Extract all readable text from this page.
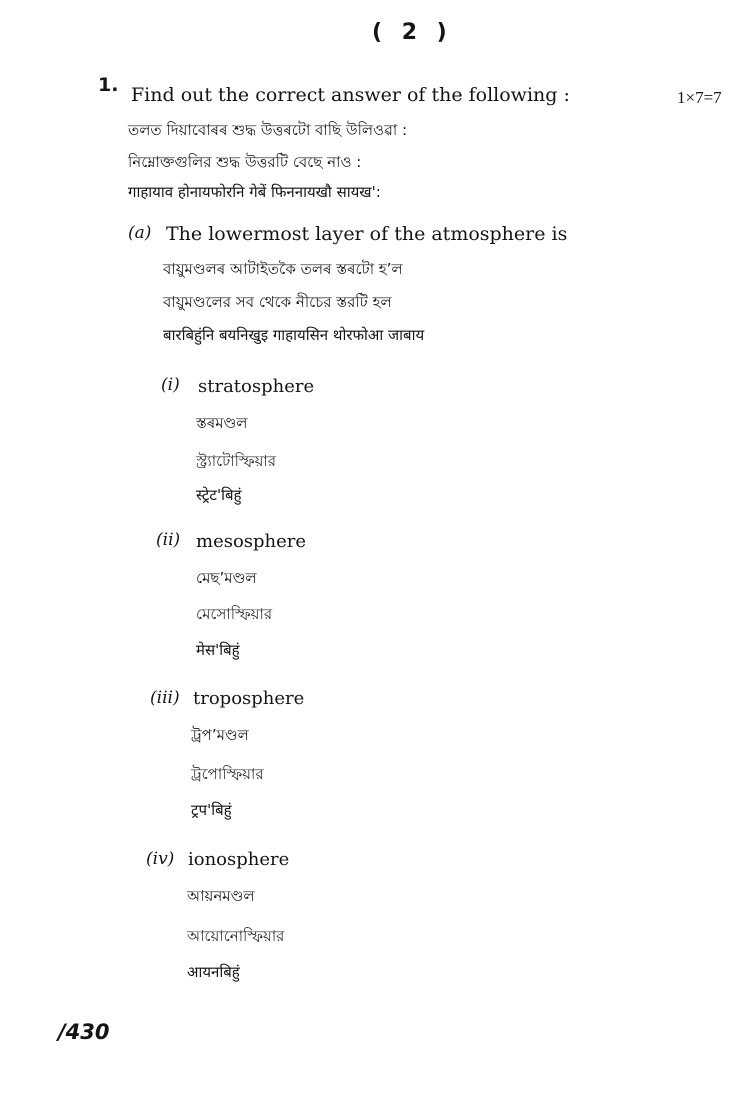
( 2 )
1. Find out the correct answer of the following :	1×7=7
তলত দিয়াবোৰৰ শুদ্ধ উত্তৰটো বাছি উলিওৱা :
নিম্নোক্তগুলির শুদ্ধ উত্তরটি বেছে নাও :
गाहायाव होनायफोरनि गेबें फिननायखौ सायख':
(a) The lowermost layer of the atmosphere is
বায়ুমণ্ডলৰ আটাইতকৈ তলৰ স্তৰটো হ’ল
বায়ুমণ্ডলের সব থেকে নীচের স্তরটি হল
बारबिहुंनि बयनिखुइ गाहायसिन थोरफोआ जाबाय
(i) stratosphere
স্তৰমণ্ডল
স্ট্র্যাটোস্ফিয়ার
स्ट्रेट'बिहुं
(ii) mesosphere
মেছ’মণ্ডল
মেসোস্ফিয়ার
मेस'बिहुं
(iii) troposphere
ট্ৰপ’মণ্ডল
ট্রপোস্ফিয়ার
ट्रप'बिहुं
(iv) ionosphere
আয়নমণ্ডল
আয়োনোস্ফিয়ার
आयनबिहुं
/430
